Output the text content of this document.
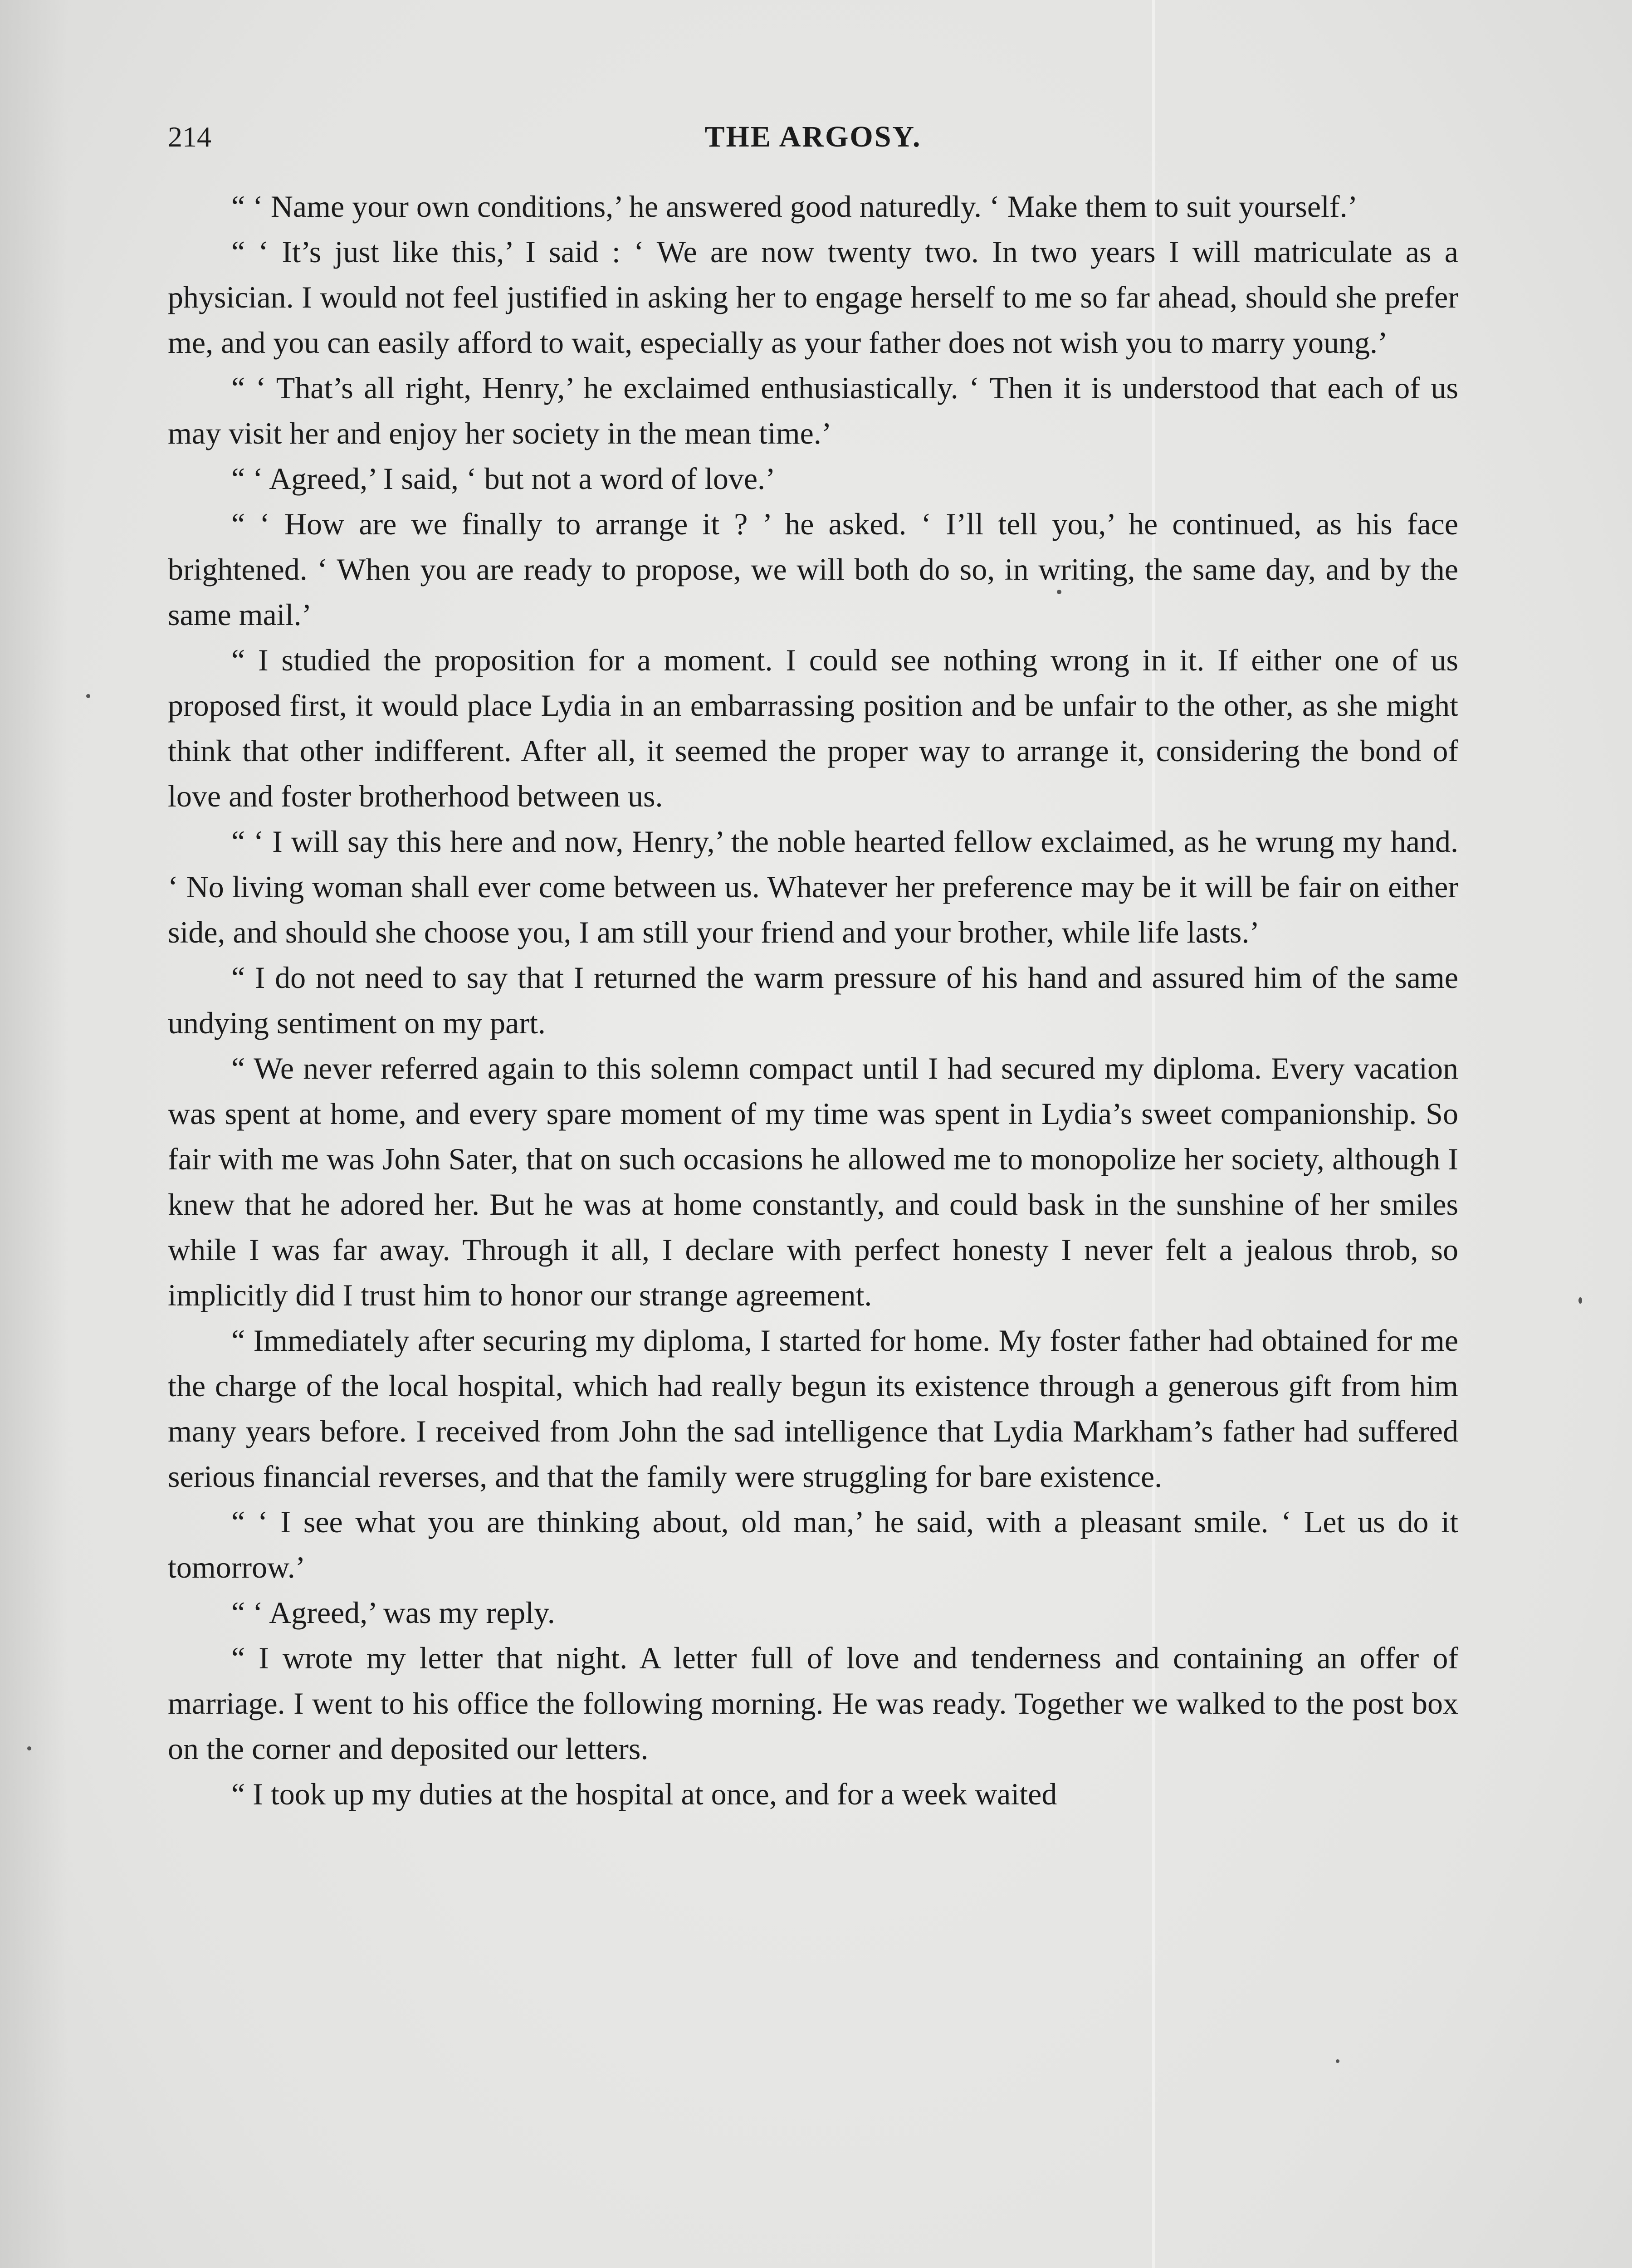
214	THE ARGOSY.

“ ‘ Name your own conditions,’ he answered good naturedly. ‘ Make them to suit yourself.’

“ ‘ It’s just like this,’ I said : ‘ We are now twenty two. In two years I will matriculate as a physician. I would not feel justified in asking her to engage herself to me so far ahead, should she prefer me, and you can easily afford to wait, especially as your father does not wish you to marry young.’

“ ‘ That’s all right, Henry,’ he exclaimed enthusiastically. ‘ Then it is understood that each of us may visit her and enjoy her society in the mean time.’

“ ‘ Agreed,’ I said, ‘ but not a word of love.’

“ ‘ How are we finally to arrange it ? ’ he asked. ‘ I’ll tell you,’ he continued, as his face brightened. ‘ When you are ready to propose, we will both do so, in writing, the same day, and by the same mail.’

“ I studied the proposition for a moment. I could see nothing wrong in it. If either one of us proposed first, it would place Lydia in an embarrassing position and be unfair to the other, as she might think that other indifferent. After all, it seemed the proper way to arrange it, considering the bond of love and foster brotherhood between us.

“ ‘ I will say this here and now, Henry,’ the noble hearted fellow exclaimed, as he wrung my hand. ‘ No living woman shall ever come between us. Whatever her preference may be it will be fair on either side, and should she choose you, I am still your friend and your brother, while life lasts.’

“ I do not need to say that I returned the warm pressure of his hand and assured him of the same undying sentiment on my part.

“ We never referred again to this solemn compact until I had secured my diploma. Every vacation was spent at home, and every spare moment of my time was spent in Lydia’s sweet companionship. So fair with me was John Sater, that on such occasions he allowed me to monopolize her society, although I knew that he adored her. But he was at home constantly, and could bask in the sunshine of her smiles while I was far away. Through it all, I declare with perfect honesty I never felt a jealous throb, so implicitly did I trust him to honor our strange agreement.

“ Immediately after securing my diploma, I started for home. My foster father had obtained for me the charge of the local hospital, which had really begun its existence through a generous gift from him many years before. I received from John the sad intelligence that Lydia Markham’s father had suffered serious financial reverses, and that the family were struggling for bare existence.

“ ‘ I see what you are thinking about, old man,’ he said, with a pleasant smile. ‘ Let us do it tomorrow.’

“ ‘ Agreed,’ was my reply.

“ I wrote my letter that night. A letter full of love and tenderness and containing an offer of marriage. I went to his office the following morning. He was ready. Together we walked to the post box on the corner and deposited our letters.

“ I took up my duties at the hospital at once, and for a week waited
